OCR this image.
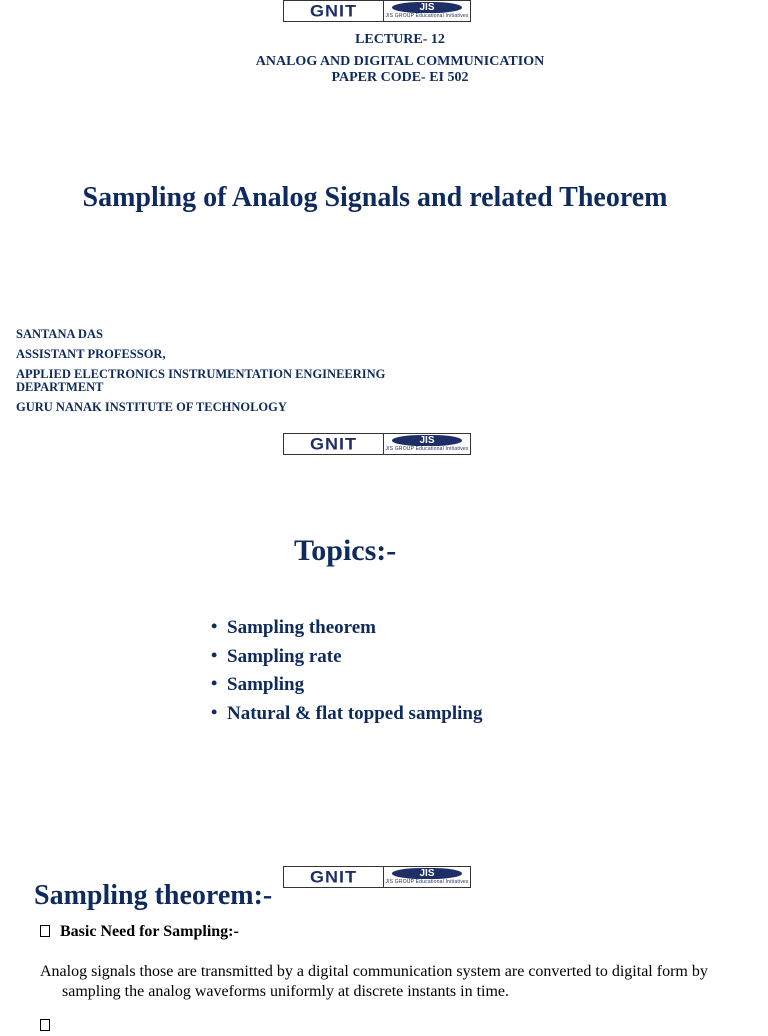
GNIT	JIS
JIS GROUP Educational Initiatives
LECTURE- 12
ANALOG AND DIGITAL COMMUNICATION
PAPER CODE- EI 502
Sampling of Analog Signals and related Theorem
SANTANA DAS
ASSISTANT PROFESSOR,
APPLIED ELECTRONICS INSTRUMENTATION ENGINEERING DEPARTMENT
GURU NANAK INSTITUTE OF TECHNOLOGY
GNIT	JIS
JIS GROUP Educational Initiatives
Topics:-
• Sampling theorem
• Sampling rate
• Sampling
• Natural & flat topped sampling
GNIT	JIS
JIS GROUP Educational Initiatives
Sampling theorem:-
Basic Need for Sampling:-
Analog signals those are transmitted by a digital communication system are converted to digital form by sampling the analog waveforms uniformly at discrete instants in time.
